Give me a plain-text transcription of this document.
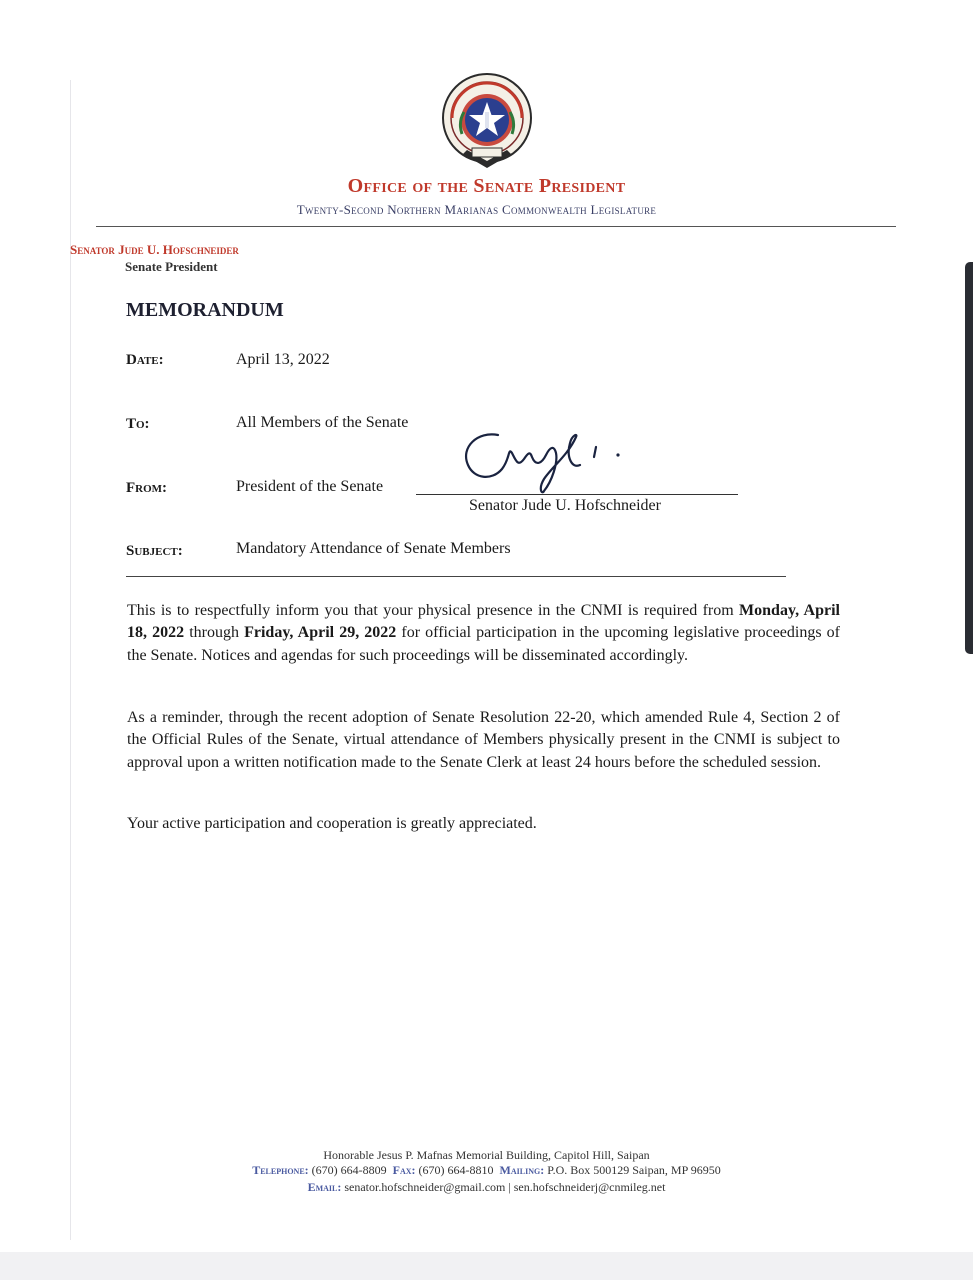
Office of the Senate President

Twenty-Second Northern Marianas Commonwealth Legislature

Senator Jude U. Hofschneider
Senate President
MEMORANDUM
Date:	April 13, 2022
To:	All Members of the Senate
From:	President of the Senate
Senator Jude U. Hofschneider
Subject:	Mandatory Attendance of Senate Members

This is to respectfully inform you that your physical presence in the CNMI is required from Monday, April 18, 2022 through Friday, April 29, 2022 for official participation in the upcoming legislative proceedings of the Senate. Notices and agendas for such proceedings will be disseminated accordingly.

As a reminder, through the recent adoption of Senate Resolution 22-20, which amended Rule 4, Section 2 of the Official Rules of the Senate, virtual attendance of Members physically present in the CNMI is subject to approval upon a written notification made to the Senate Clerk at least 24 hours before the scheduled session.

Your active participation and cooperation is greatly appreciated.

Honorable Jesus P. Mafnas Memorial Building, Capitol Hill, Saipan
Telephone: (670) 664-8809 Fax: (670) 664-8810 Mailing: P.O. Box 500129 Saipan, MP 96950
Email: senator.hofschneider@gmail.com | sen.hofschneiderj@cnmileg.net
